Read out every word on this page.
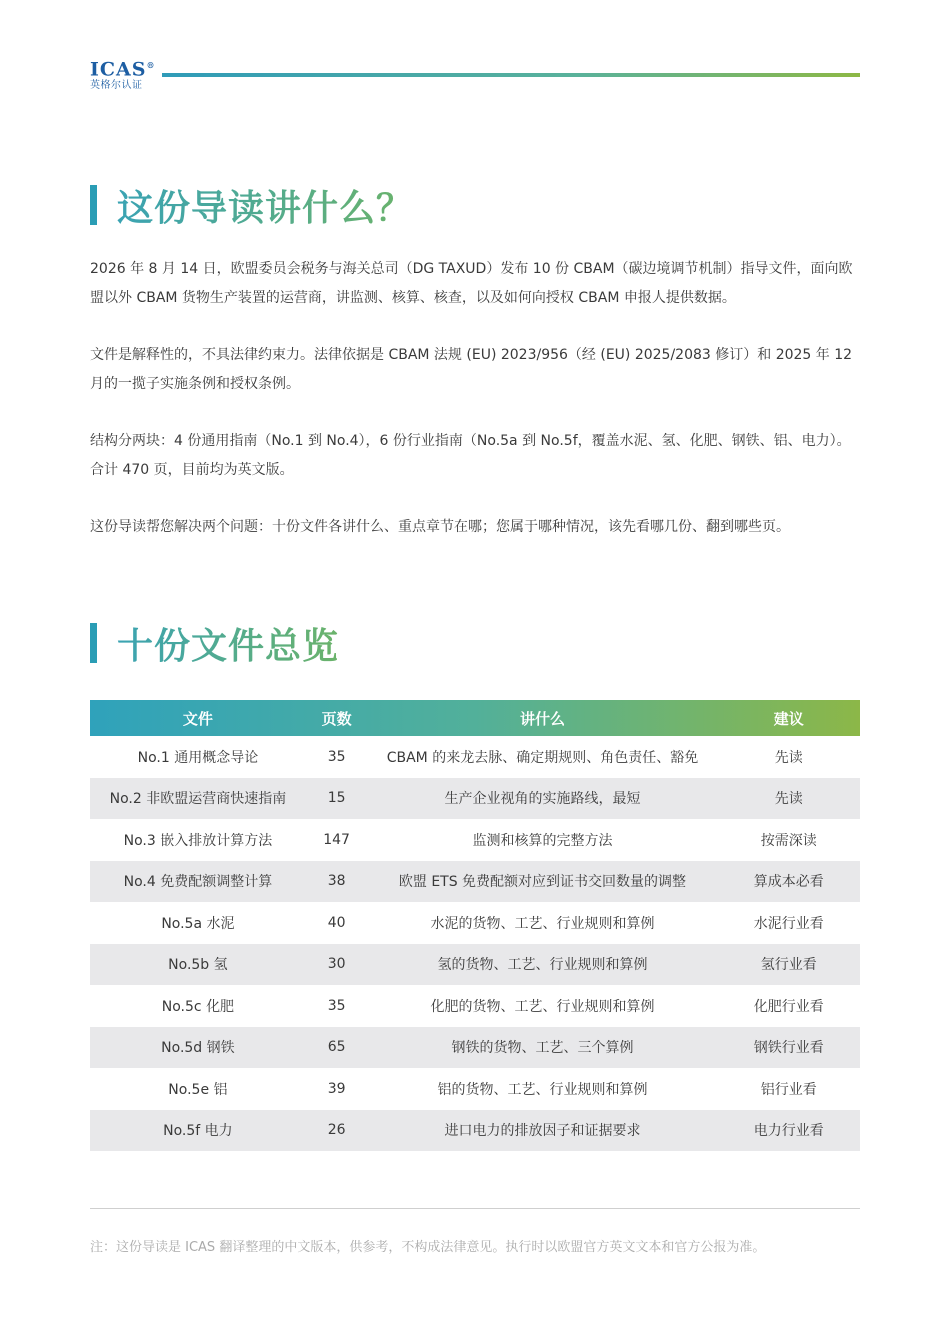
ICAS®
英格尔认证
这份导读讲什么？

2026 年 8 月 14 日，欧盟委员会税务与海关总司（DG TAXUD）发布 10 份 CBAM（碳边境调节机制）指导文件，面向欧盟以外 CBAM 货物生产装置的运营商，讲监测、核算、核查，以及如何向授权 CBAM 申报人提供数据。

文件是解释性的，不具法律约束力。法律依据是 CBAM 法规 (EU) 2023/956（经 (EU) 2025/2083 修订）和 2025 年 12 月的一揽子实施条例和授权条例。

结构分两块：4 份通用指南（No.1 到 No.4），6 份行业指南（No.5a 到 No.5f，覆盖水泥、氢、化肥、钢铁、铝、电力）。合计 470 页，目前均为英文版。

这份导读帮您解决两个问题：十份文件各讲什么、重点章节在哪；您属于哪种情况，该先看哪几份、翻到哪些页。

十份文件总览
文件	页数	讲什么	建议
No.1 通用概念导论	35	CBAM 的来龙去脉、确定期规则、角色责任、豁免	先读
No.2 非欧盟运营商快速指南	15	生产企业视角的实施路线，最短	先读
No.3 嵌入排放计算方法	147	监测和核算的完整方法	按需深读
No.4 免费配额调整计算	38	欧盟 ETS 免费配额对应到证书交回数量的调整	算成本必看
No.5a 水泥	40	水泥的货物、工艺、行业规则和算例	水泥行业看
No.5b 氢	30	氢的货物、工艺、行业规则和算例	氢行业看
No.5c 化肥	35	化肥的货物、工艺、行业规则和算例	化肥行业看
No.5d 钢铁	65	钢铁的货物、工艺、三个算例	钢铁行业看
No.5e 铝	39	铝的货物、工艺、行业规则和算例	铝行业看
No.5f 电力	26	进口电力的排放因子和证据要求	电力行业看

注：这份导读是 ICAS 翻译整理的中文版本，供参考，不构成法律意见。执行时以欧盟官方英文文本和官方公报为准。
